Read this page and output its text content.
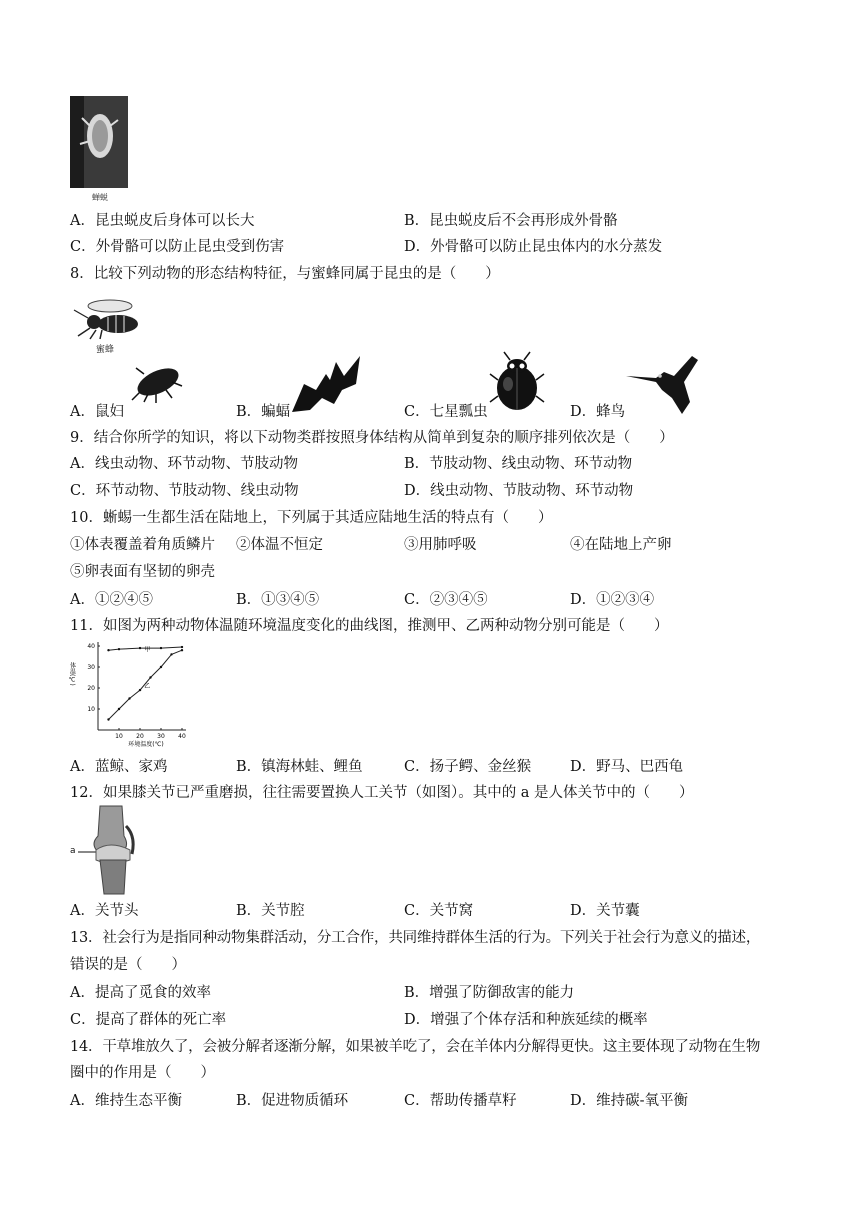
蝉蜕
A．昆虫蜕皮后身体可以长大	B．昆虫蜕皮后不会再形成外骨骼
C．外骨骼可以防止昆虫受到伤害	D．外骨骼可以防止昆虫体内的水分蒸发
8．比较下列动物的形态结构特征，与蜜蜂同属于昆虫的是（　　）
蜜蜂
A．鼠妇	B．蝙蝠	C．七星瓢虫	D．蜂鸟
9．结合你所学的知识，将以下动物类群按照身体结构从简单到复杂的顺序排列依次是（　　）
A．线虫动物、环节动物、节肢动物	B．节肢动物、线虫动物、环节动物
C．环节动物、节肢动物、线虫动物	D．线虫动物、节肢动物、环节动物
10．蜥蜴一生都生活在陆地上，下列属于其适应陆地生活的特点有（　　）
①体表覆盖着角质鳞片 ②体温不恒定	③用肺呼吸	④在陆地上产卵
⑤卵表面有坚韧的卵壳
A．①②④⑤	B．①③④⑤	C．②③④⑤	D．①②③④
11．如图为两种动物体温随环境温度变化的曲线图，推测甲、乙两种动物分别可能是（　　）
10 20 30 40
10
20
30
40
体温(℃)
环境温度(℃)
甲
乙
A．蓝鲸、家鸡	B．镇海林蛙、鲤鱼	C．扬子鳄、金丝猴	D．野马、巴西龟
12．如果膝关节已严重磨损，往往需要置换人工关节（如图）。其中的 a 是人体关节中的（　　）
a
A．关节头	B．关节腔	C．关节窝	D．关节囊
13．社会行为是指同种动物集群活动，分工合作，共同维持群体生活的行为。下列关于社会行为意义的描述，
错误的是（　　）
A．提高了觅食的效率	B．增强了防御敌害的能力
C．提高了群体的死亡率	D．增强了个体存活和种族延续的概率
14．干草堆放久了，会被分解者逐渐分解，如果被羊吃了，会在羊体内分解得更快。这主要体现了动物在生物
圈中的作用是（　　）
A．维持生态平衡	B．促进物质循环	C．帮助传播草籽	D．维持碳-氧平衡
